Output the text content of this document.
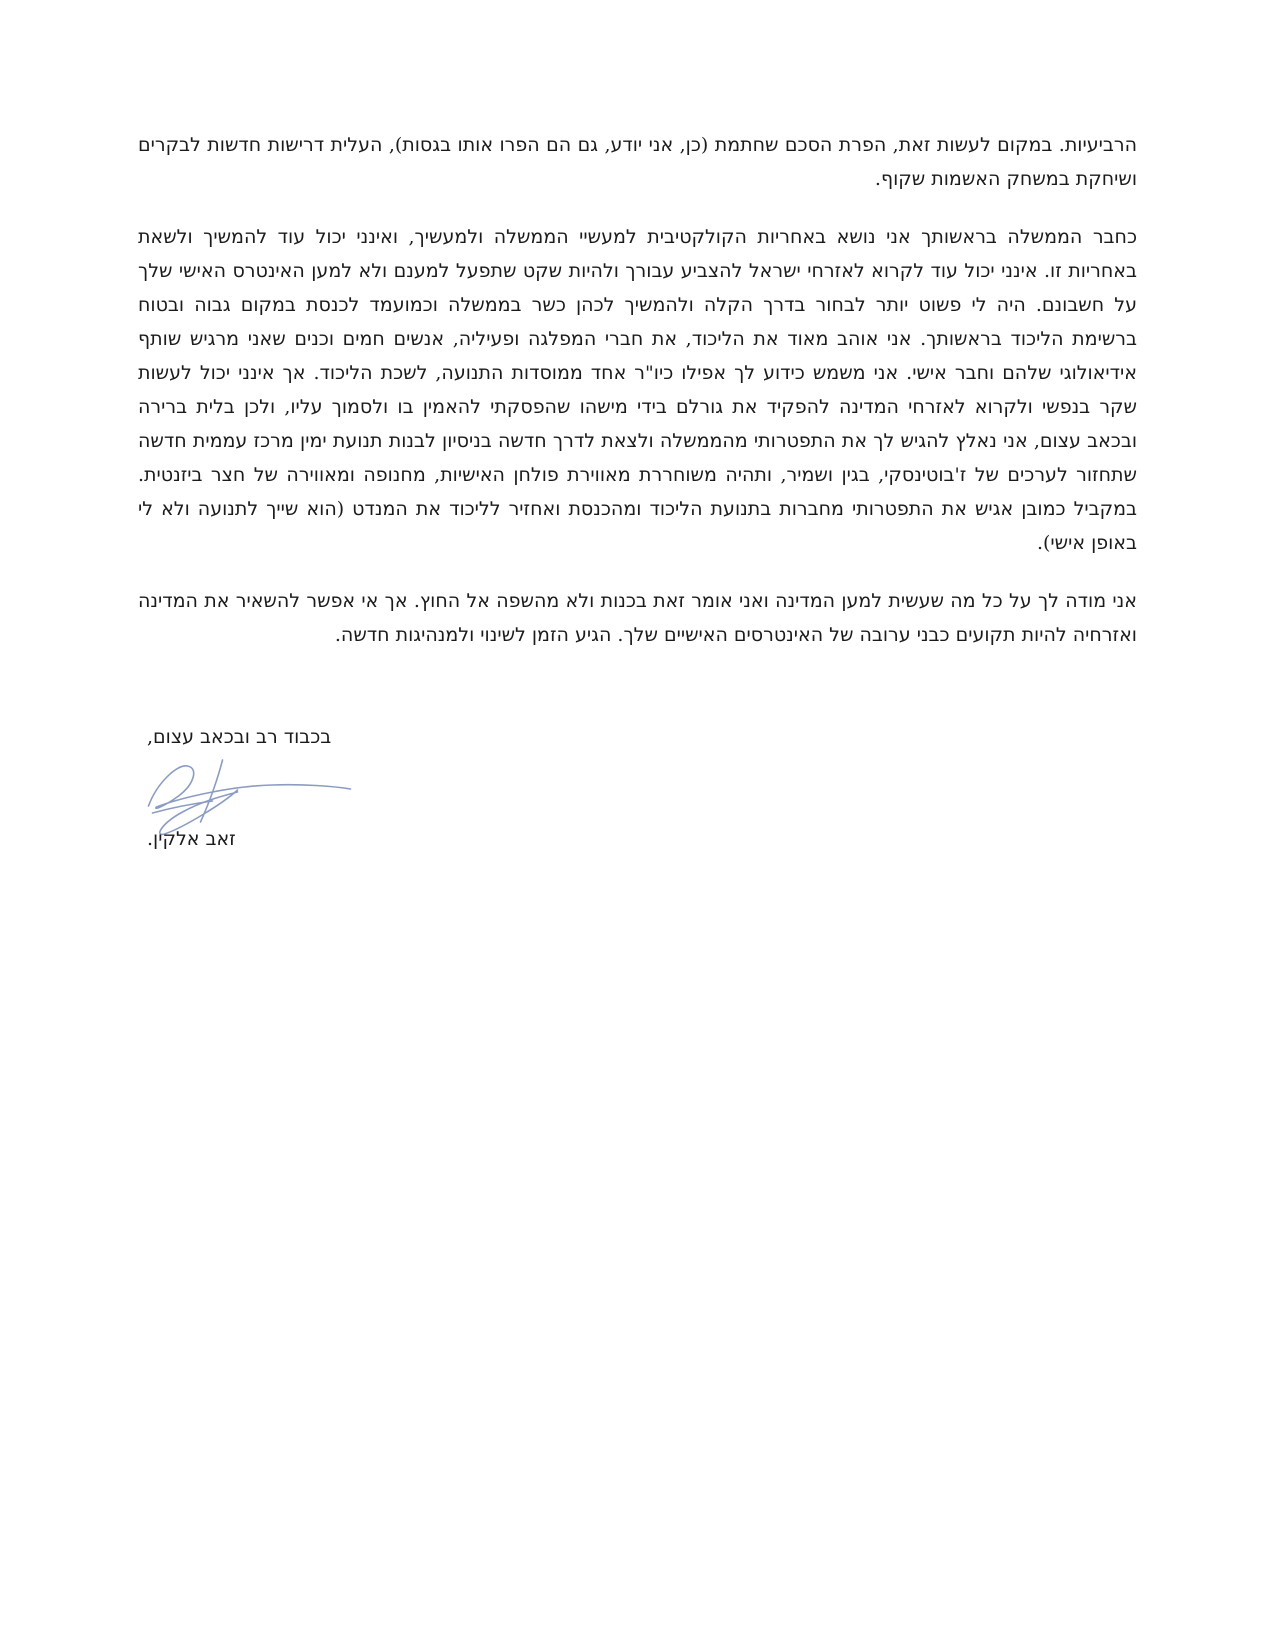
הרביעיות. במקום לעשות זאת, הפרת הסכם שחתמת (כן, אני יודע, גם הם הפרו אותו בגסות), העלית דרישות חדשות לבקרים ושיחקת במשחק האשמות שקוף.

כחבר הממשלה בראשותך אני נושא באחריות הקולקטיבית למעשיי הממשלה ולמעשיך, ואינני יכול עוד להמשיך ולשאת באחריות זו. אינני יכול עוד לקרוא לאזרחי ישראל להצביע עבורך ולהיות שקט שתפעל למענם ולא למען האינטרס האישי שלך על חשבונם. היה לי פשוט יותר לבחור בדרך הקלה ולהמשיך לכהן כשר בממשלה וכמועמד לכנסת במקום גבוה ובטוח ברשימת הליכוד בראשותך. אני אוהב מאוד את הליכוד, את חברי המפלגה ופעיליה, אנשים חמים וכנים שאני מרגיש שותף אידיאולוגי שלהם וחבר אישי. אני משמש כידוע לך אפילו כיו"ר אחד ממוסדות התנועה, לשכת הליכוד. אך אינני יכול לעשות שקר בנפשי ולקרוא לאזרחי המדינה להפקיד את גורלם בידי מישהו שהפסקתי להאמין בו ולסמוך עליו, ולכן בלית ברירה ובכאב עצום, אני נאלץ להגיש לך את התפטרותי מהממשלה ולצאת לדרך חדשה בניסיון לבנות תנועת ימין מרכז עממית חדשה שתחזור לערכים של ז'בוטינסקי, בגין ושמיר, ותהיה משוחררת מאווירת פולחן האישיות, מחנופה ומאווירה של חצר ביזנטית. במקביל כמובן אגיש את התפטרותי מחברות בתנועת הליכוד ומהכנסת ואחזיר לליכוד את המנדט (הוא שייך לתנועה ולא לי באופן אישי).

אני מודה לך על כל מה שעשית למען המדינה ואני אומר זאת בכנות ולא מהשפה אל החוץ. אך אי אפשר להשאיר את המדינה ואזרחיה להיות תקועים כבני ערובה של האינטרסים האישיים שלך. הגיע הזמן לשינוי ולמנהיגות חדשה.

בכבוד רב ובכאב עצום,
זאב אלקין.
